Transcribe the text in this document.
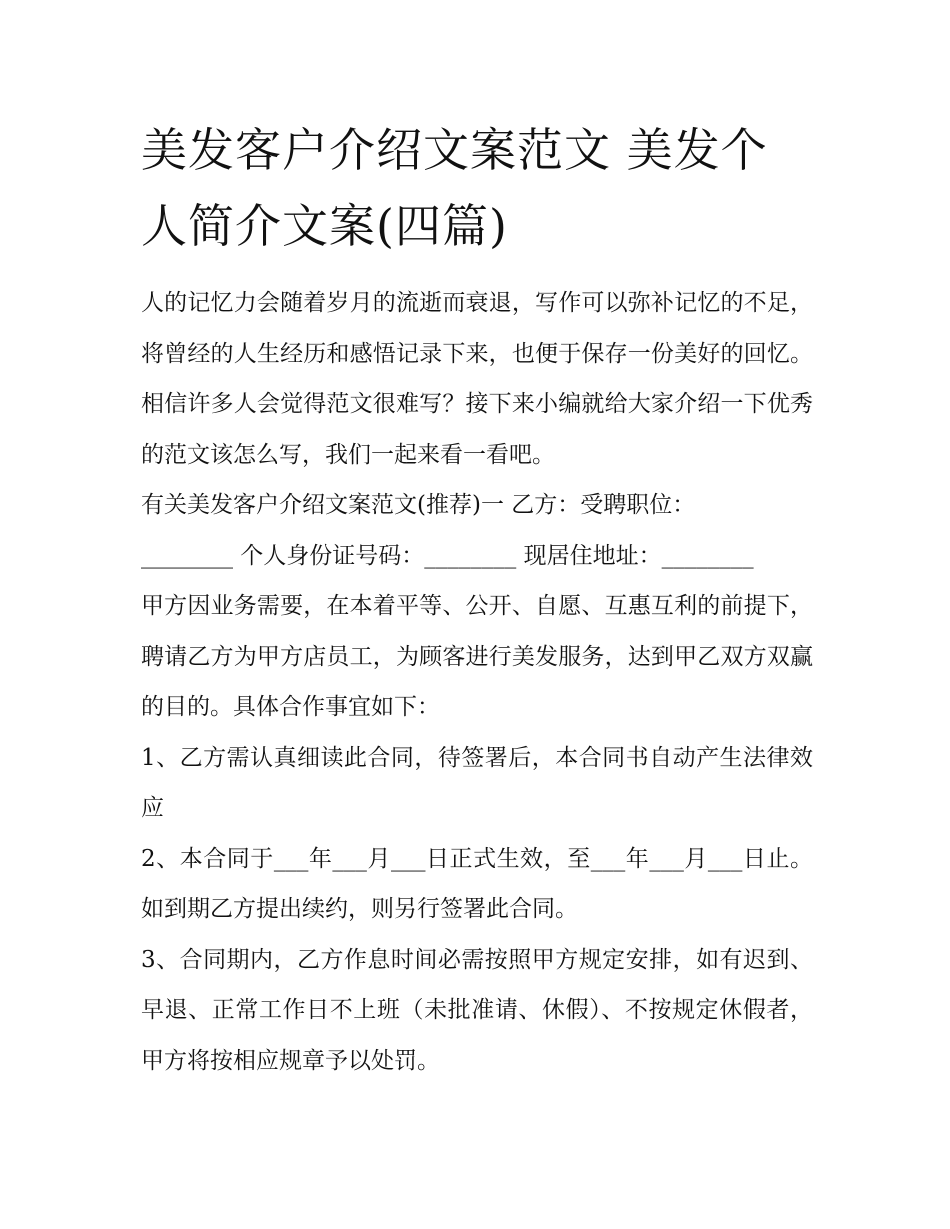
美发客户介绍文案范文 美发个人简介文案(四篇)

人的记忆力会随着岁月的流逝而衰退，写作可以弥补记忆的不足，将曾经的人生经历和感悟记录下来，也便于保存一份美好的回忆。相信许多人会觉得范文很难写？接下来小编就给大家介绍一下优秀的范文该怎么写，我们一起来看一看吧。

有关美发客户介绍文案范文(推荐)一 乙方：受聘职位：

________ 个人身份证号码：________ 现居住地址：________

甲方因业务需要，在本着平等、公开、自愿、互惠互利的前提下，聘请乙方为甲方店员工，为顾客进行美发服务，达到甲乙双方双赢的目的。具体合作事宜如下：

1、乙方需认真细读此合同，待签署后，本合同书自动产生法律效应

2、本合同于___年___月___日正式生效，至___年___月___日止。如到期乙方提出续约，则另行签署此合同。

3、合同期内，乙方作息时间必需按照甲方规定安排，如有迟到、早退、正常工作日不上班（未批准请、休假）、不按规定休假者，甲方将按相应规章予以处罚。
